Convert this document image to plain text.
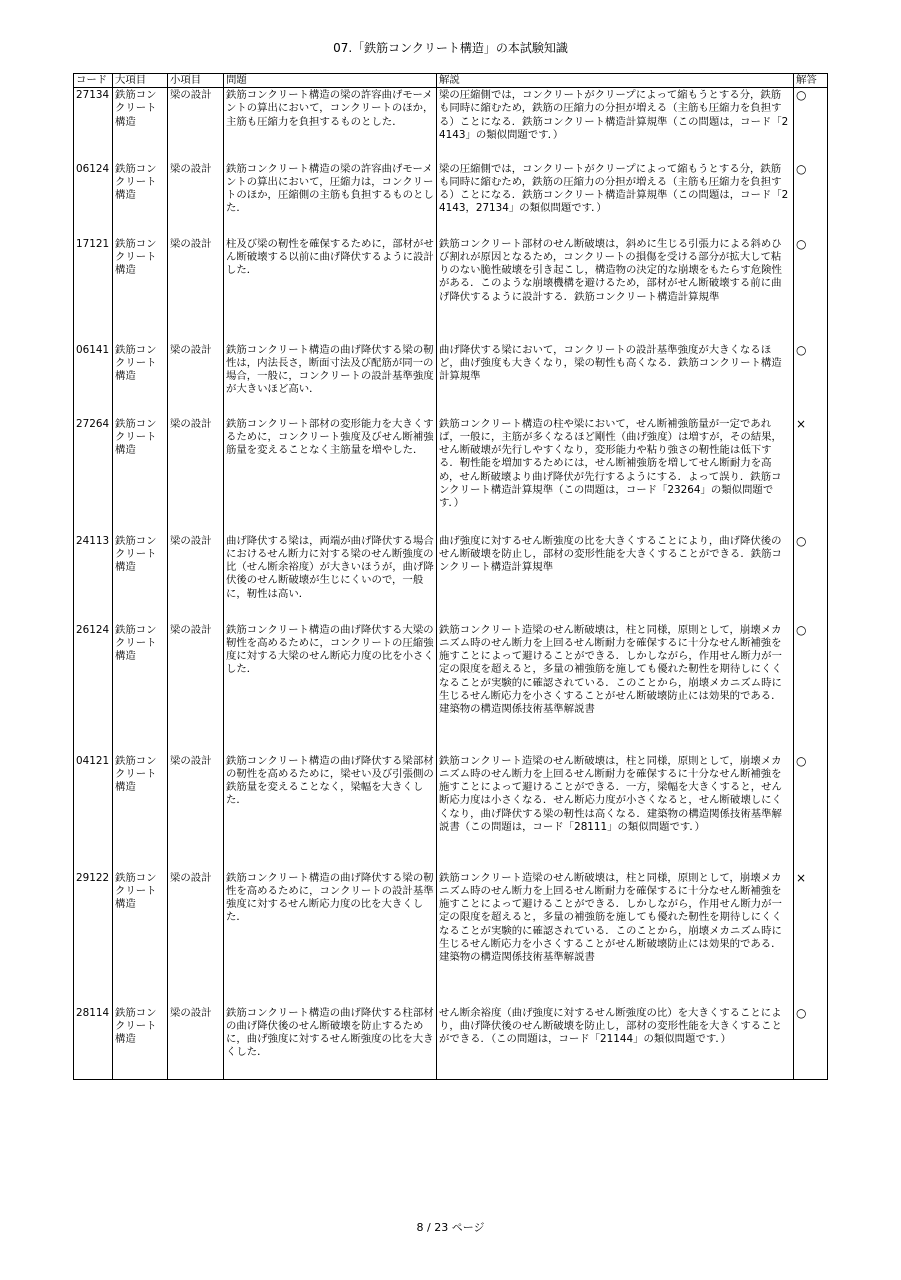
07.「鉄筋コンクリート構造」の本試験知識
コード	大項目	小項目	問題	解説	解答
27134	鉄筋コンクリート構造	梁の設計	鉄筋コンクリート構造の梁の許容曲げモーメントの算出において，コンクリートのほか，主筋も圧縮力を負担するものとした．	梁の圧縮側では，コンクリートがクリープによって縮もうとする分，鉄筋も同時に縮むため，鉄筋の圧縮力の分担が増える（主筋も圧縮力を負担する）ことになる．鉄筋コンクリート構造計算規準（この問題は，コード「24143」の類似問題です．）	○
06124	鉄筋コンクリート構造	梁の設計	鉄筋コンクリート構造の梁の許容曲げモーメントの算出において，圧縮力は，コンクリートのほか，圧縮側の主筋も負担するものとした．	梁の圧縮側では，コンクリートがクリープによって縮もうとする分，鉄筋も同時に縮むため，鉄筋の圧縮力の分担が増える（主筋も圧縮力を負担する）ことになる．鉄筋コンクリート構造計算規準（この問題は，コード「24143，27134」の類似問題です．）	○
17121	鉄筋コンクリート構造	梁の設計	柱及び梁の靭性を確保するために，部材がせん断破壊する以前に曲げ降伏するように設計した．	鉄筋コンクリート部材のせん断破壊は，斜めに生じる引張力による斜めひび割れが原因となるため，コンクリートの損傷を受ける部分が拡大して粘りのない脆性破壊を引き起こし，構造物の決定的な崩壊をもたらす危険性がある．このような崩壊機構を避けるため，部材がせん断破壊する前に曲げ降伏するように設計する．鉄筋コンクリート構造計算規準	○
06141	鉄筋コンクリート構造	梁の設計	鉄筋コンクリート構造の曲げ降伏する梁の靭性は，内法長さ，断面寸法及び配筋が同一の場合，一般に，コンクリートの設計基準強度が大きいほど高い．	曲げ降伏する梁において，コンクリートの設計基準強度が大きくなるほど，曲げ強度も大きくなり，梁の靭性も高くなる．鉄筋コンクリート構造計算規準	○
27264	鉄筋コンクリート構造	梁の設計	鉄筋コンクリート部材の変形能力を大きくするために，コンクリート強度及びせん断補強筋量を変えることなく主筋量を増やした．	鉄筋コンクリート構造の柱や梁において，せん断補強筋量が一定であれば，一般に，主筋が多くなるほど剛性（曲げ強度）は増すが，その結果，せん断破壊が先行しやすくなり，変形能力や粘り強さの靭性能は低下する．靭性能を増加するためには，せん断補強筋を増してせん断耐力を高め，せん断破壊より曲げ降伏が先行するようにする．よって誤り．鉄筋コンクリート構造計算規準（この問題は，コード「23264」の類似問題です．）	×
24113	鉄筋コンクリート構造	梁の設計	曲げ降伏する梁は，両端が曲げ降伏する場合におけるせん断力に対する梁のせん断強度の比（せん断余裕度）が大きいほうが，曲げ降伏後のせん断破壊が生じにくいので，一般に，靭性は高い．	曲げ強度に対するせん断強度の比を大きくすることにより，曲げ降伏後のせん断破壊を防止し，部材の変形性能を大きくすることができる．鉄筋コンクリート構造計算規準	○
26124	鉄筋コンクリート構造	梁の設計	鉄筋コンクリート構造の曲げ降伏する大梁の靭性を高めるために，コンクリートの圧縮強度に対する大梁のせん断応力度の比を小さくした．	鉄筋コンクリート造梁のせん断破壊は，柱と同様，原則として，崩壊メカニズム時のせん断力を上回るせん断耐力を確保するに十分なせん断補強を施すことによって避けることができる．しかしながら，作用せん断力が一定の限度を超えると，多量の補強筋を施しても優れた靭性を期待しにくくなることが実験的に確認されている．このことから，崩壊メカニズム時に生じるせん断応力を小さくすることがせん断破壊防止には効果的である．建築物の構造関係技術基準解説書	○
04121	鉄筋コンクリート構造	梁の設計	鉄筋コンクリート構造の曲げ降伏する梁部材の靭性を高めるために，梁せい及び引張側の鉄筋量を変えることなく，梁幅を大きくした．	鉄筋コンクリート造梁のせん断破壊は，柱と同様，原則として，崩壊メカニズム時のせん断力を上回るせん断耐力を確保するに十分なせん断補強を施すことによって避けることができる．一方，梁幅を大きくすると，せん断応力度は小さくなる．せん断応力度が小さくなると，せん断破壊しにくくなり，曲げ降伏する梁の靭性は高くなる．建築物の構造関係技術基準解説書（この問題は，コード「28111」の類似問題です．）	○
29122	鉄筋コンクリート構造	梁の設計	鉄筋コンクリート構造の曲げ降伏する梁の靭性を高めるために，コンクリートの設計基準強度に対するせん断応力度の比を大きくした．	鉄筋コンクリート造梁のせん断破壊は，柱と同様，原則として，崩壊メカニズム時のせん断力を上回るせん断耐力を確保するに十分なせん断補強を施すことによって避けることができる．しかしながら，作用せん断力が一定の限度を超えると，多量の補強筋を施しても優れた靭性を期待しにくくなることが実験的に確認されている．このことから，崩壊メカニズム時に生じるせん断応力を小さくすることがせん断破壊防止には効果的である．建築物の構造関係技術基準解説書	×
28114	鉄筋コンクリート構造	梁の設計	鉄筋コンクリート構造の曲げ降伏する柱部材の曲げ降伏後のせん断破壊を防止するために，曲げ強度に対するせん断強度の比を大きくした．	せん断余裕度（曲げ強度に対するせん断強度の比）を大きくすることにより，曲げ降伏後のせん断破壊を防止し，部材の変形性能を大きくすることができる．（この問題は，コード「21144」の類似問題です．）	○
8 / 23 ページ
